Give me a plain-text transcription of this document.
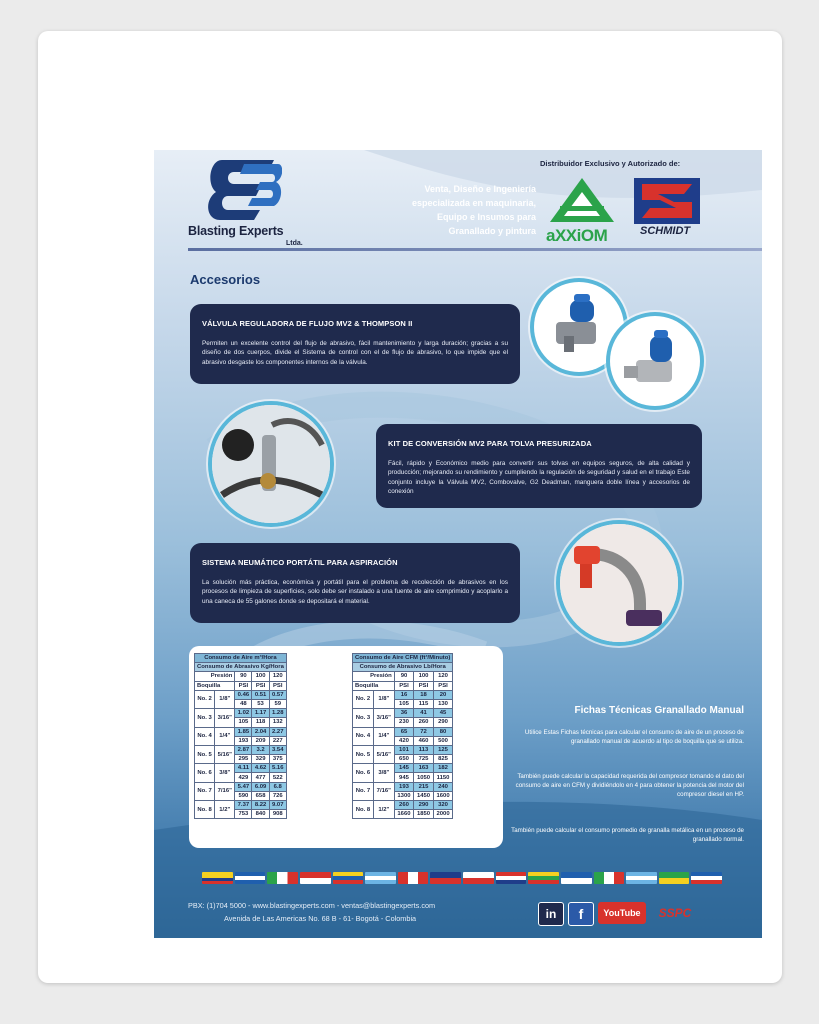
Blasting Experts
Ltda.
Venta, Diseño e Ingeniería
especializada en maquinaria,
Equipo e Insumos para
Granallado y pintura
Distribuidor Exclusivo y Autorizado de:
aXXiOM	SCHMIDT
Accesorios
VÁLVULA REGULADORA DE FLUJO MV2 & THOMPSON II
Permiten un excelente control del flujo de abrasivo, fácil mantenimiento y larga duración; gracias a su diseño de dos cuerpos, divide el Sistema de control con el de flujo de abrasivo, lo que impide que el abrasivo desgaste los componentes internos de la válvula.
KIT DE CONVERSIÓN MV2 PARA TOLVA PRESURIZADA
Fácil, rápido y Económico medio para convertir sus tolvas en equipos seguros, de alta calidad y producción; mejorando su rendimiento y cumpliendo la regulación de seguridad y salud en el trabajo Este conjunto incluye la Válvula MV2, Combovalve, G2 Deadman, manguera doble línea y accesorios de conexión
SISTEMA NEUMÁTICO PORTÁTIL PARA ASPIRACIÓN
La solución más práctica, económica y portátil para el problema de recolección de abrasivos en los procesos de limpieza de superficies, solo debe ser instalado a una fuente de aire comprimido y acoplarlo a una caneca de 55 galones donde se depositará el material.
Consumo de Aire m³/Hora				
Consumo de Abrasivo Kg/Hora				
Presión		90	100	120
Boquilla		PSI	PSI	PSI
No. 2	1/8"	0.46	0.51	0.57
		48	53	59
No. 3	3/16"	1.02	1.17	1.28
		105	118	132
No. 4	1/4"	1.85	2.04	2.27
		193	209	227
No. 5	5/16"	2.87	3.2	3.54
		295	329	375
No. 6	3/8"	4.11	4.62	5.16
		429	477	522
No. 7	7/16"	5.47	6.09	6.8
		590	658	726
No. 8	1/2"	7.37	8.22	9.07
		753	840	908
Consumo de Aire CFM (ft³/Minuto)				
Consumo de Abrasivo Lb/Hora				
Presión		90	100	120
Boquilla		PSI	PSI	PSI
No. 2	1/8"	16	18	20
		105	115	130
No. 3	3/16"	36	41	45
		230	260	290
No. 4	1/4"	65	72	80
		420	460	500
No. 5	5/16"	101	113	125
		650	725	825
No. 6	3/8"	145	163	182
		945	1050	1150
No. 7	7/16"	193	215	240
		1300	1450	1600
No. 8	1/2"	260	290	320
		1660	1850	2000
Fichas Técnicas Granallado Manual
Utilice Estas Fichas técnicas para calcular el consumo de aire de un proceso de granallado manual de acuerdo al tipo de boquilla que se utiliza.
También puede calcular la capacidad requerida del compresor tomando el dato del consumo de aire en CFM y dividiéndolo en 4 para obtener la potencia del motor del compresor diesel en HP.
También puede calcular el consumo promedio de granalla metálica en un proceso de granallado normal.
PBX: (1)704 5000 - www.blastingexperts.com - ventas@blastingexperts.com
Avenida de Las Americas No. 68 B - 61- Bogotá - Colombia	in	f	YouTube	SSPC
